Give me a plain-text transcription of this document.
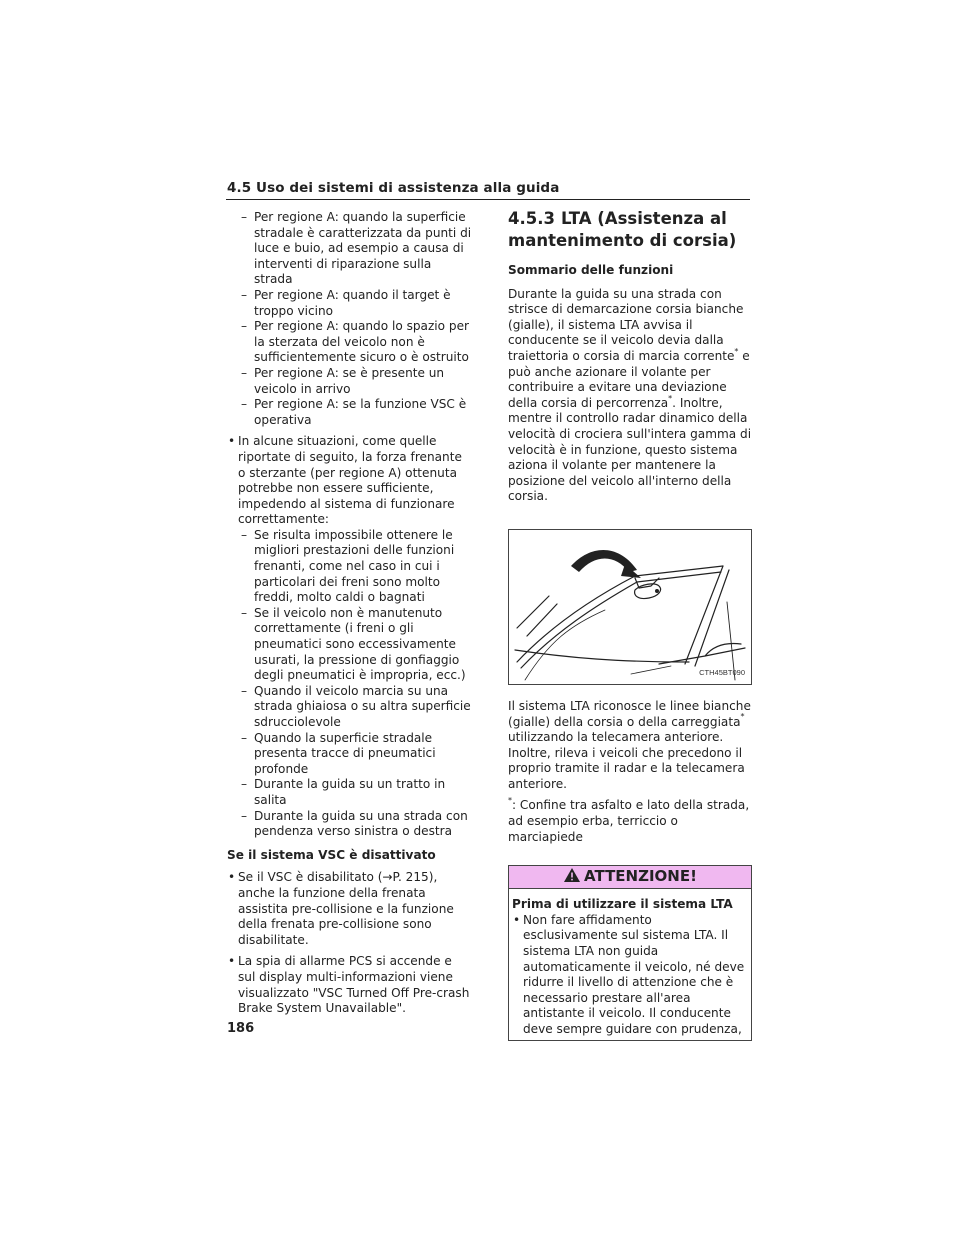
4.5 Uso dei sistemi di assistenza alla guida
– Per regione A: quando la superficie stradale è caratterizzata da punti di luce e buio, ad esempio a causa di interventi di riparazione sulla strada
– Per regione A: quando il target è troppo vicino
– Per regione A: quando lo spazio per la sterzata del veicolo non è sufficientemente sicuro o è ostruito
– Per regione A: se è presente un veicolo in arrivo
– Per regione A: se la funzione VSC è operativa
• In alcune situazioni, come quelle riportate di seguito, la forza frenante o sterzante (per regione A) ottenuta potrebbe non essere sufficiente, impedendo al sistema di funzionare correttamente:
– Se risulta impossibile ottenere le migliori prestazioni delle funzioni frenanti, come nel caso in cui i particolari dei freni sono molto freddi, molto caldi o bagnati
– Se il veicolo non è manutenuto correttamente (i freni o gli pneumatici sono eccessivamente usurati, la pressione di gonfiaggio degli pneumatici è impropria, ecc.)
– Quando il veicolo marcia su una strada ghiaiosa o su altra superficie sdrucciolevole
– Quando la superficie stradale presenta tracce di pneumatici profonde
– Durante la guida su un tratto in salita
– Durante la guida su una strada con pendenza verso sinistra o destra
Se il sistema VSC è disattivato
• Se il VSC è disabilitato (→P. 215), anche la funzione della frenata assistita pre-collisione e la funzione della frenata pre-collisione sono disabilitate.
• La spia di allarme PCS si accende e sul display multi-informazioni viene visualizzato "VSC Turned Off Pre-crash Brake System Unavailable".
4.5.3 LTA (Assistenza al mantenimento di corsia)
Sommario delle funzioni

Durante la guida su una strada con strisce di demarcazione corsia bianche (gialle), il sistema LTA avvisa il conducente se il veicolo devia dalla traiettoria o corsia di marcia corrente* e può anche azionare il volante per contribuire a evitare una deviazione della corsia di percorrenza*. Inoltre, mentre il controllo radar dinamico della velocità di crociera sull'intera gamma di velocità è in funzione, questo sistema aziona il volante per mantenere la posizione del veicolo all'interno della corsia.

CTH45BT090

Il sistema LTA riconosce le linee bianche (gialle) della corsia o della carreggiata* utilizzando la telecamera anteriore. Inoltre, rileva i veicoli che precedono il proprio tramite il radar e la telecamera anteriore.

*: Confine tra asfalto e lato della strada, ad esempio erba, terriccio o marciapiede

ATTENZIONE!
Prima di utilizzare il sistema LTA
• Non fare affidamento esclusivamente sul sistema LTA. Il sistema LTA non guida automaticamente il veicolo, né deve ridurre il livello di attenzione che è necessario prestare all'area antistante il veicolo. Il conducente deve sempre guidare con prudenza,
186
